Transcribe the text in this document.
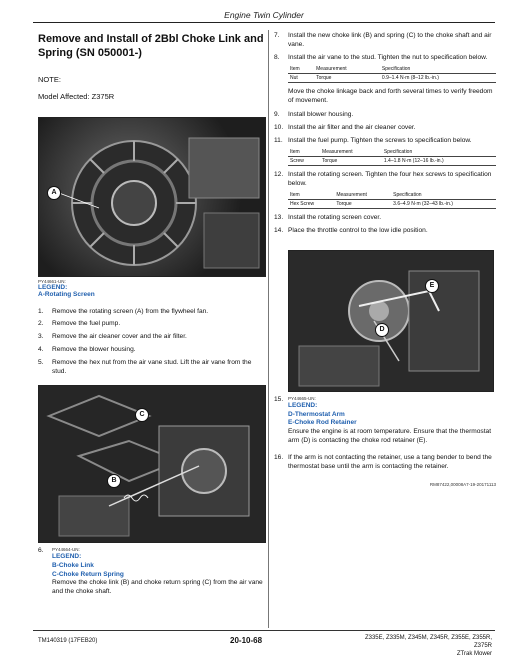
Engine Twin Cylinder
Remove and Install of 2Bbl Choke Link and Spring (SN 050001-)
NOTE:
Model Affected: Z375R
A
PY44661-UN:
LEGEND:
A-Rotating Screen
1. Remove the rotating screen (A) from the flywheel fan.
2. Remove the fuel pump.
3. Remove the air cleaner cover and the air filter.
4. Remove the blower housing.
5. Remove the hex nut from the air vane stud. Lift the air vane from the stud.
C
B
6. PY44664-UN:
LEGEND:
B-Choke Link
C-Choke Return Spring
Remove the choke link (B) and choke return spring (C) from the air vane and the choke shaft.
7. Install the new choke link (B) and spring (C) to the choke shaft and air vane.
8. Install the air vane to the stud. Tighten the nut to specification below.
Item	Measurement	Specification
Nut	Torque	0.9–1.4 N·m (8–12 lb.-in.)
Move the choke linkage back and forth several times to verify freedom of movement.
9. Install blower housing.
10. Install the air filter and the air cleaner cover.
11. Install the fuel pump. Tighten the screws to specification below.
Item	Measurement	Specification
Screw	Torque	1.4–1.8 N·m (12–16 lb.-in.)
12. Install the rotating screen. Tighten the four hex screws to specification below.
Item	Measurement	Specification
Hex Screw	Torque	3.6–4.9 N·m (32–43 lb.-in.)
13. Install the rotating screen cover.
14. Place the throttle control to the low idle position.
E
D
15. PY44665-UN:
LEGEND:
D-Thermostat Arm
E-Choke Rod Retainer
Ensure the engine is at room temperature. Ensure that the thermostat arm (D) is contacting the choke rod retainer (E).
16. If the arm is not contacting the retainer, use a tang bender to bend the thermostat base until the arm is contacting the retainer.
RM87422,00008A7-19-20171113
TM140319 (17FEB20)	20-10-68	Z335E, Z335M, Z345M, Z345R, Z355E, Z355R, Z375R
ZTrak Mower
